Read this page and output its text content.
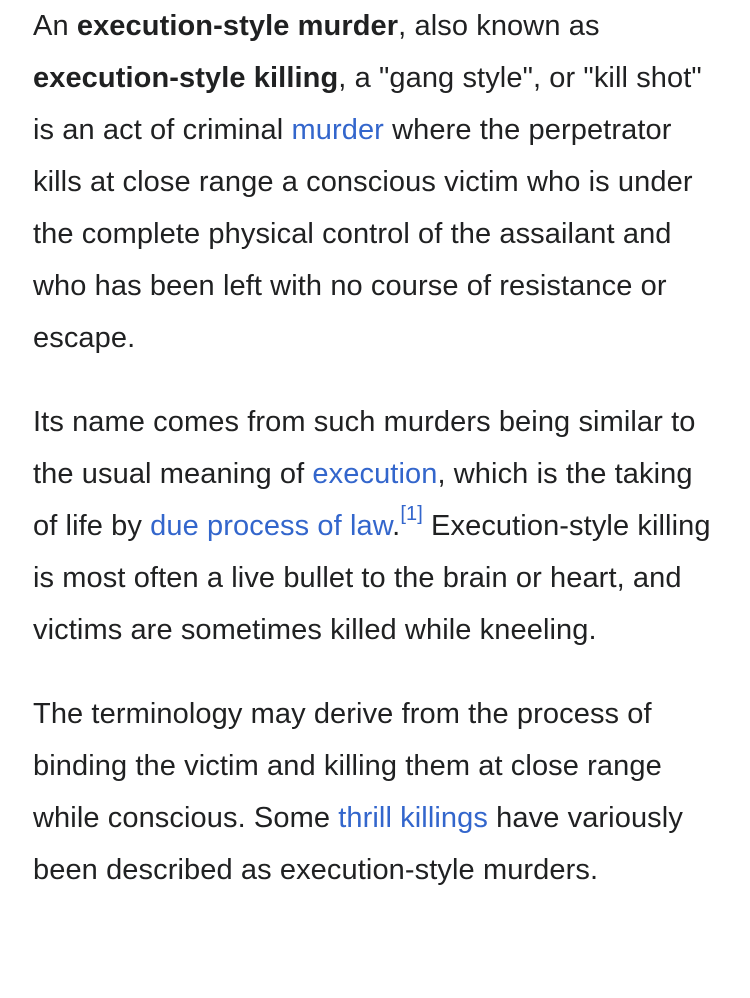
An execution-style murder, also known as execution-style killing, a "gang style", or "kill shot" is an act of criminal murder where the perpetrator kills at close range a conscious victim who is under the complete physical control of the assailant and who has been left with no course of resistance or escape.

Its name comes from such murders being similar to the usual meaning of execution, which is the taking of life by due process of law.[1] Execution-style killing is most often a live bullet to the brain or heart, and victims are sometimes killed while kneeling.

The terminology may derive from the process of binding the victim and killing them at close range while conscious. Some thrill killings have variously been described as execution-style murders.
